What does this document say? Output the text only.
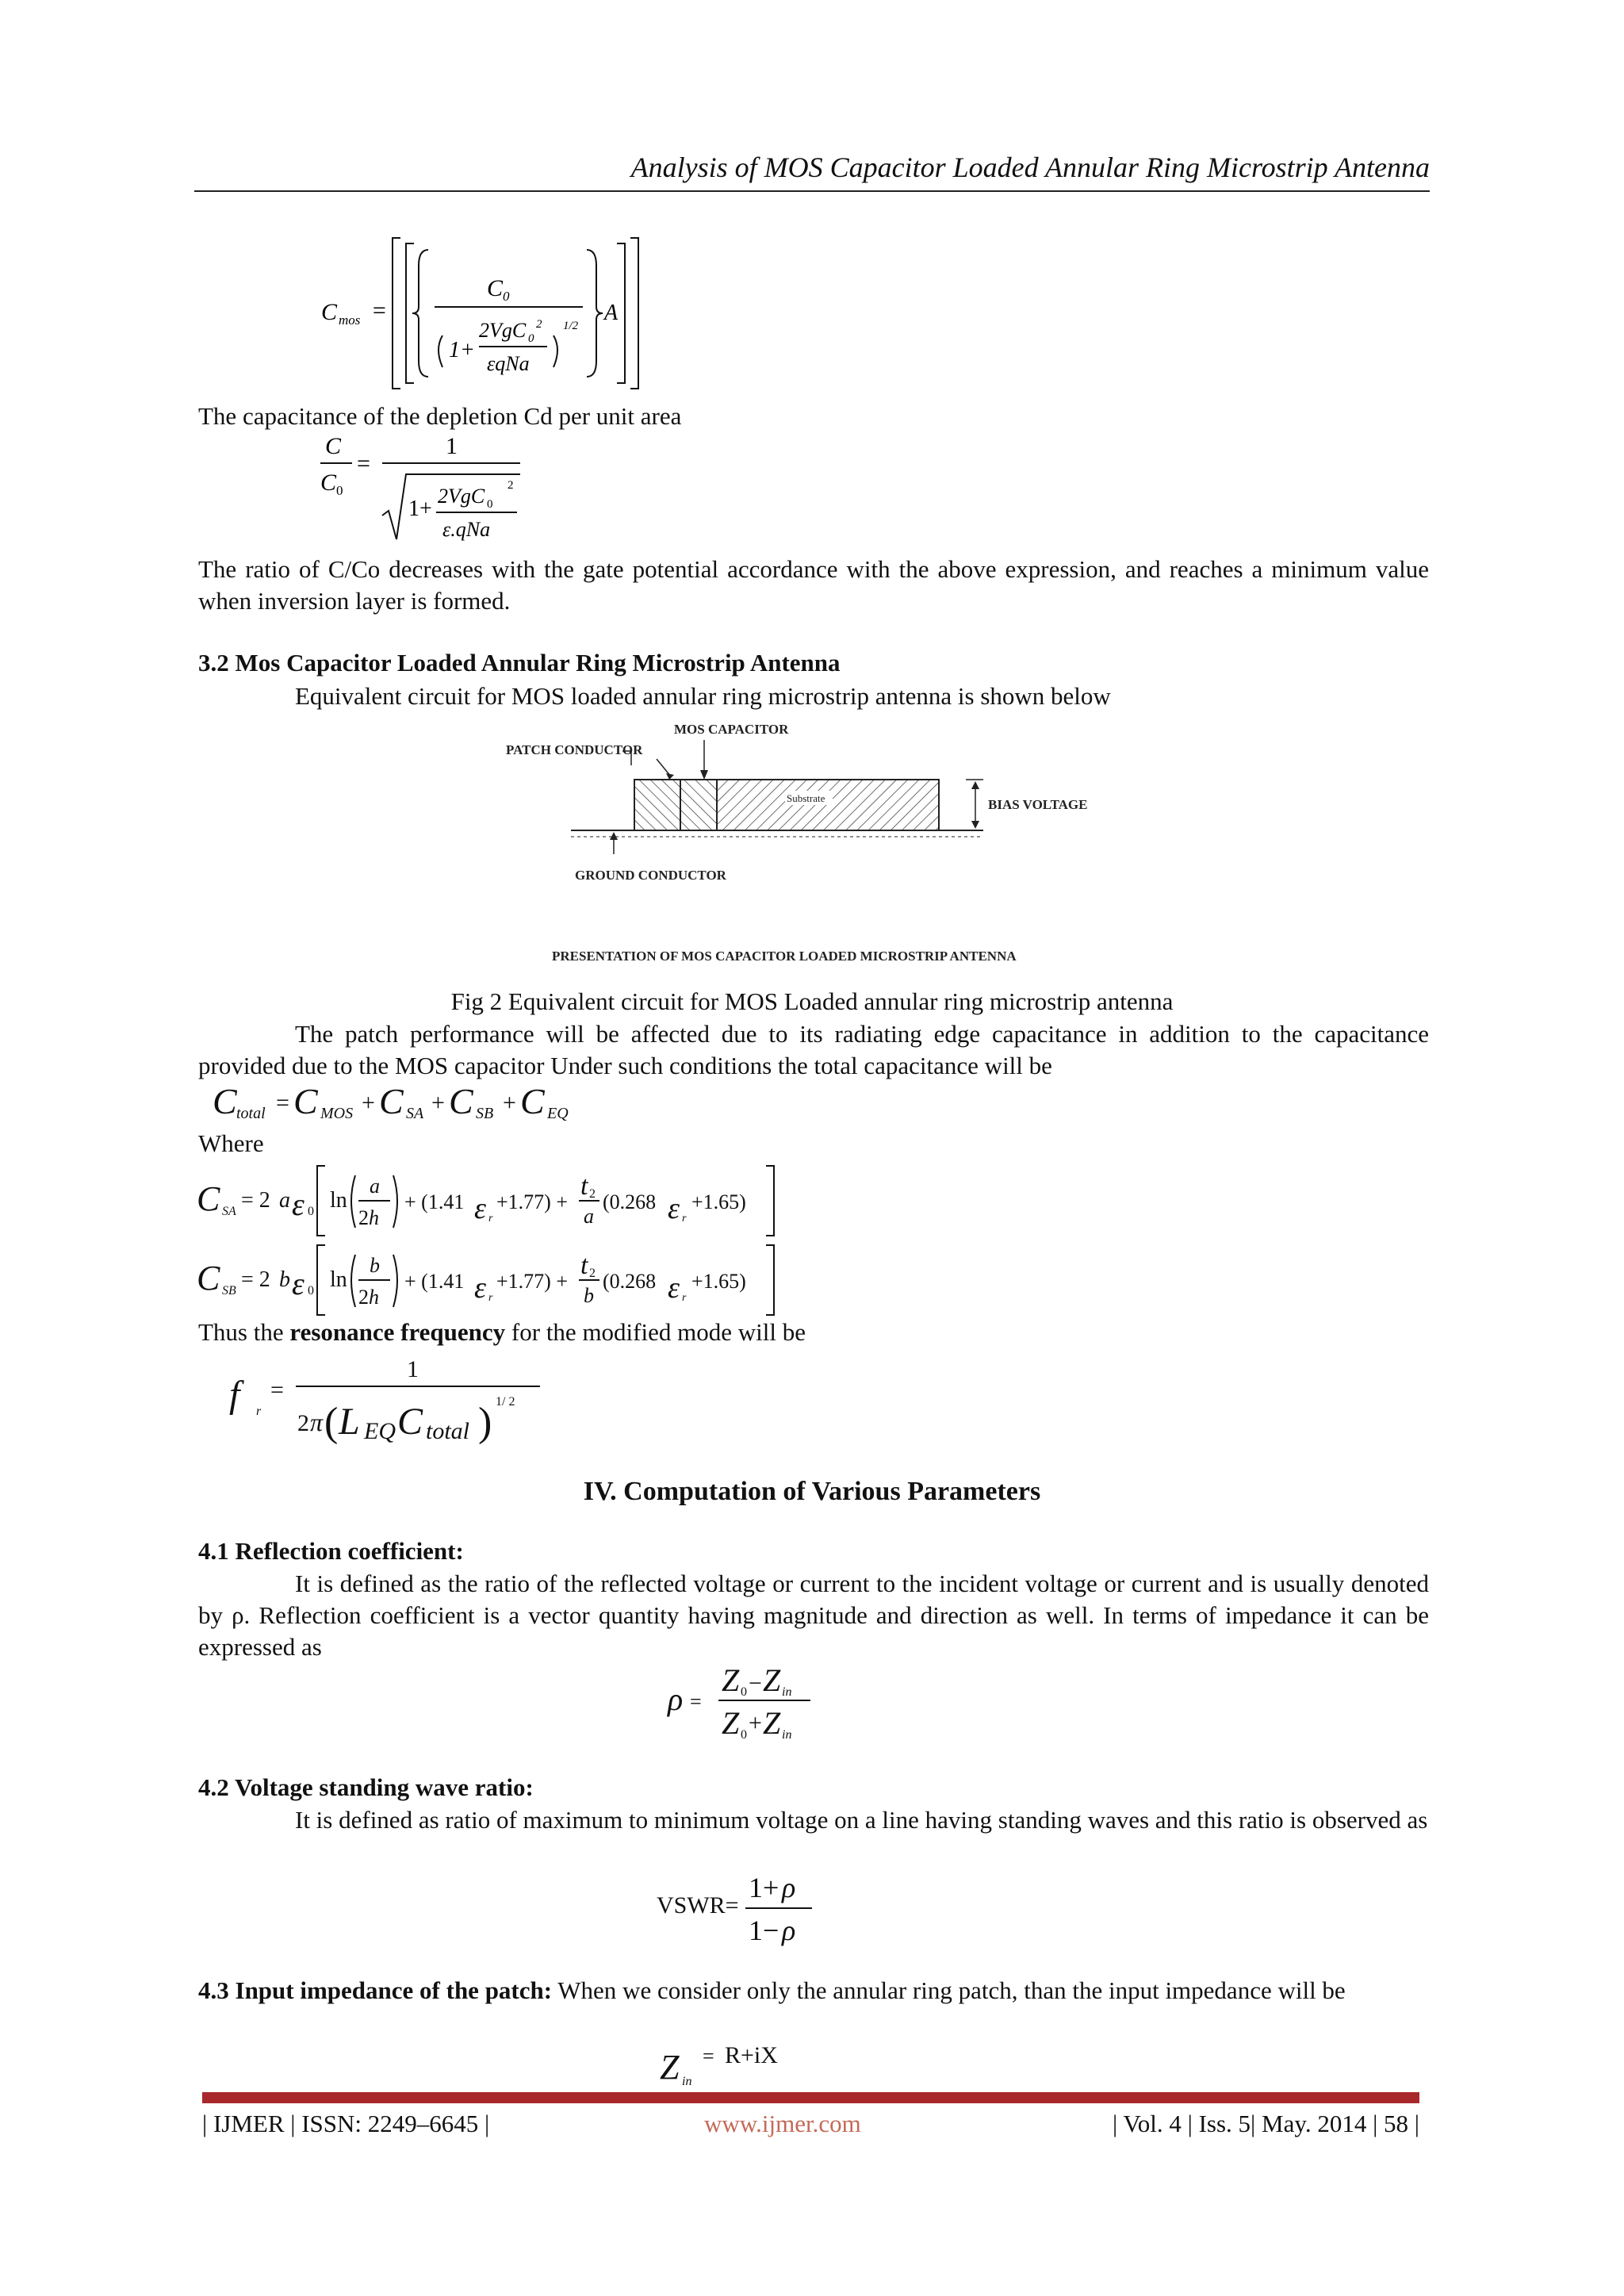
Analysis of MOS Capacitor Loaded Annular Ring Microstrip Antenna
C mos =
C 0
1+
2VgC 0
2
εqNa
1/2
A
The capacitance of the depletion Cd per unit area
C
C 0
=
1
1+
2VgC 0
2
ε.qNa
The ratio of C/Co decreases with the gate potential accordance with the above expression, and reaches a minimum value when inversion layer is formed.
3.2 Mos Capacitor Loaded Annular Ring Microstrip Antenna
Equivalent circuit for MOS loaded annular ring microstrip antenna is shown below
MOS CAPACITOR
PATCH CONDUCTOR
Substrate
GROUND CONDUCTOR
BIAS VOLTAGE
PRESENTATION OF MOS CAPACITOR LOADED MICROSTRIP ANTENNA
Fig 2 Equivalent circuit for MOS Loaded annular ring microstrip antenna
The patch performance will be affected due to its radiating edge capacitance in addition to the capacitance provided due to the MOS capacitor Under such conditions the total capacitance will be
C total = C MOS + C SA + C SB + C EQ
Where
C SA = 2 a ε 0 ln
a
2h
+ (1.41 ε r
+1.77) +
t 2
a
(0.268 ε r
+1.65)
C SB = 2 b ε 0 ln
b
2h
+ (1.41 ε r
+1.77) +
t 2
b
(0.268 ε r
+1.65)
Thus the resonance frequency for the modified mode will be
f	r
=
1
2 π ( L EQ C total ) 1/ 2
IV. Computation of Various Parameters
4.1 Reflection coefficient:
It is defined as the ratio of the reflected voltage or current to the incident voltage or current and is usually denoted by ρ. Reflection coefficient is a vector quantity having magnitude and direction as well. In terms of impedance it can be expressed as
ρ =
Z 0 − Z in
Z 0 + Z in
4.2 Voltage standing wave ratio:
It is defined as ratio of maximum to minimum voltage on a line having standing waves and this ratio is observed as
VSWR=
1+ ρ
1− ρ
4.3 Input impedance of the patch: When we consider only the annular ring patch, than the input impedance will be
Z in
= R+iX
| IJMER | ISSN: 2249–6645 |	www.ijmer.com	| Vol. 4 | Iss. 5| May. 2014 | 58 |
